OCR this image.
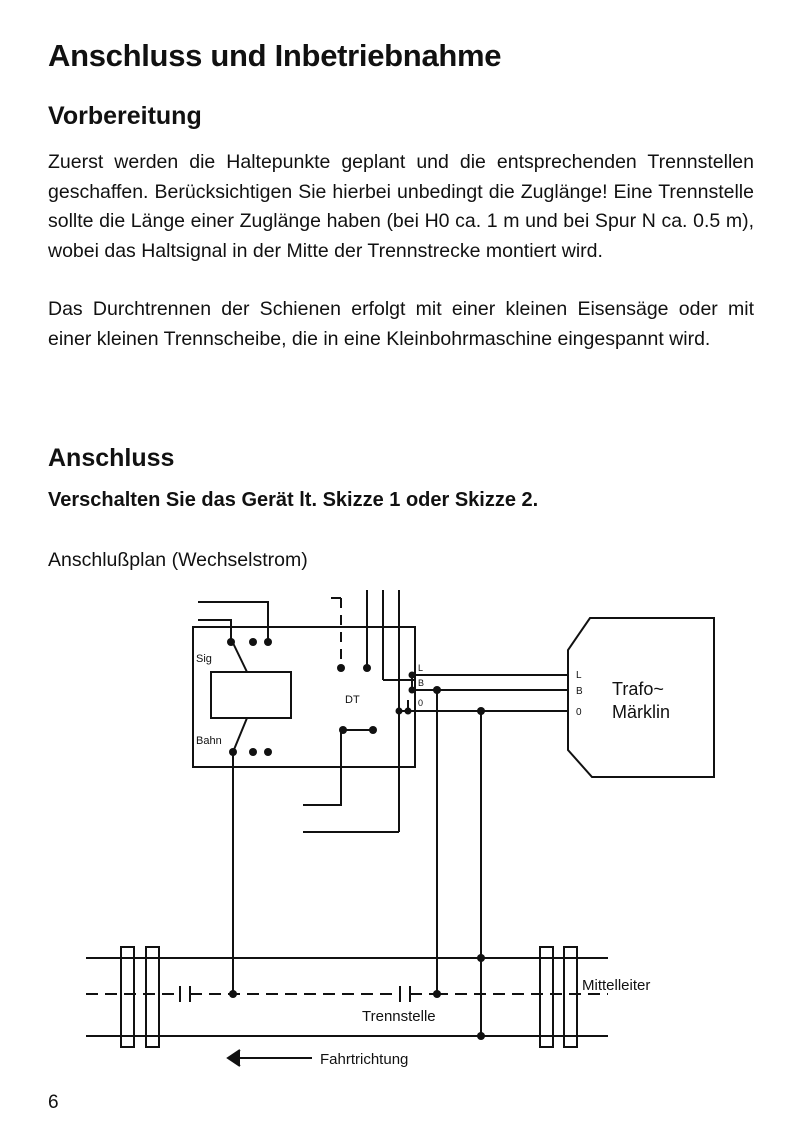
Anschluss und Inbetriebnahme
Vorbereitung
Zuerst werden die Haltepunkte geplant und die entsprechenden Trennstellen geschaffen. Berücksichtigen Sie hierbei unbedingt die Zuglänge! Eine Trennstelle sollte die Länge einer Zuglänge haben (bei H0 ca. 1 m und bei Spur N ca. 0.5 m), wobei das Haltsignal in der Mitte der Trennstrecke montiert wird.
Das Durchtrennen der Schienen erfolgt mit einer kleinen Eisensäge oder mit einer kleinen Trennscheibe, die in eine Kleinbohrmaschine eingespannt wird.
Anschluss
Verschalten Sie das Gerät lt. Skizze 1 oder Skizze 2.
Anschlußplan (Wechselstrom)
Sig
Bahn
DT
L
B
0
L
B
0
Trafo~
Märklin
Mittelleiter
Trennstelle
Fahrtrichtung
6
